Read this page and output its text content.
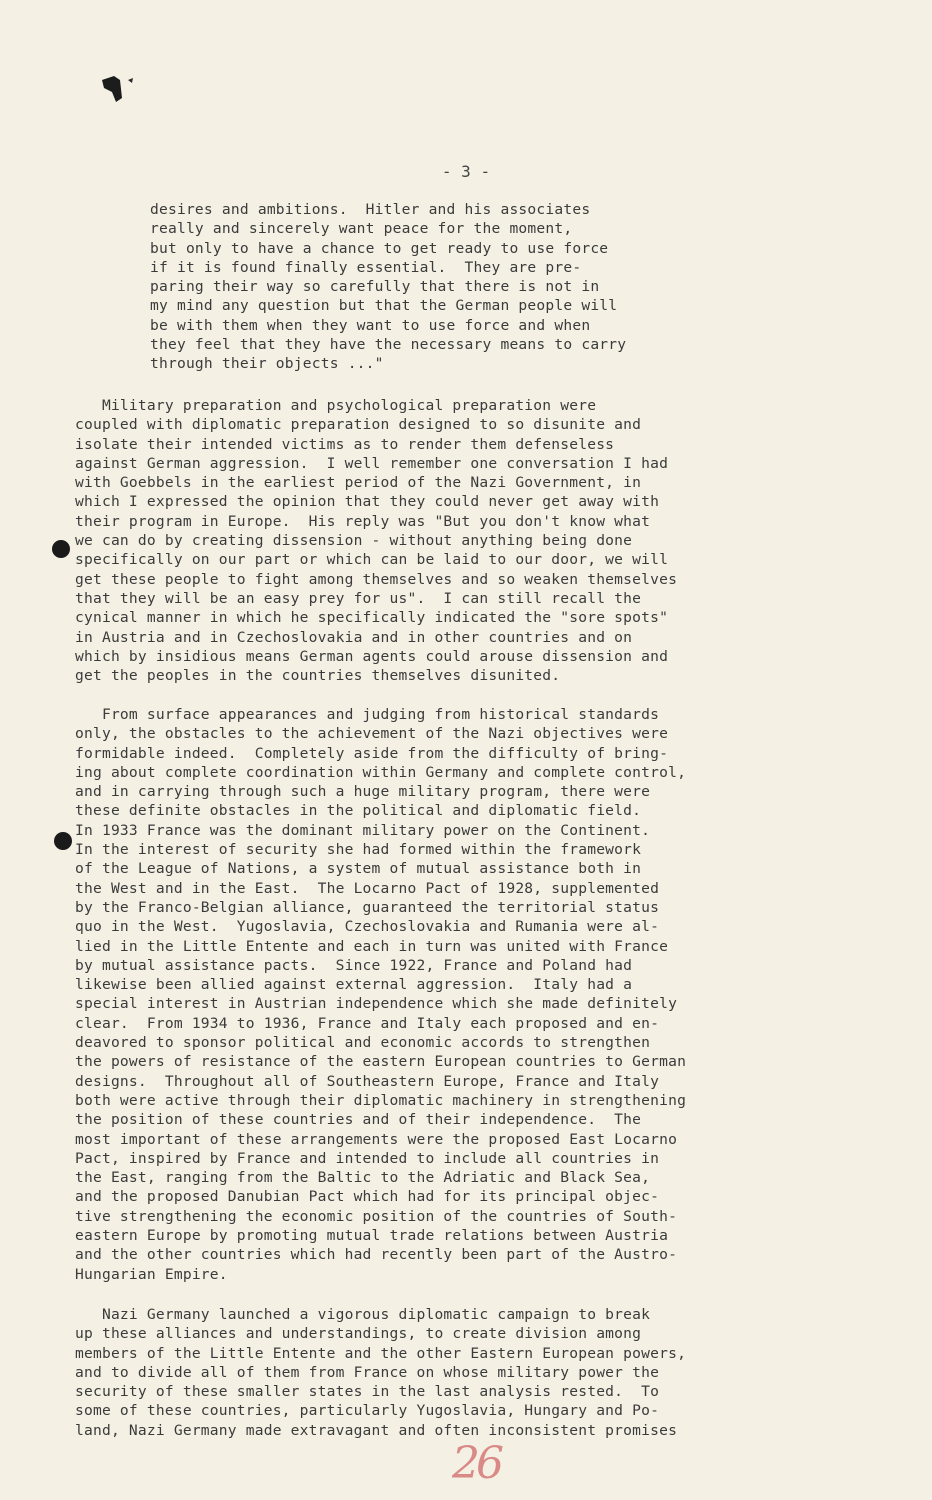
- 3 -
desires and ambitions.  Hitler and his associates
really and sincerely want peace for the moment,
but only to have a chance to get ready to use force
if it is found finally essential.  They are pre-
paring their way so carefully that there is not in
my mind any question but that the German people will
be with them when they want to use force and when
they feel that they have the necessary means to carry
through their objects ..."
Military preparation and psychological preparation were
coupled with diplomatic preparation designed to so disunite and
isolate their intended victims as to render them defenseless
against German aggression.  I well remember one conversation I had
with Goebbels in the earliest period of the Nazi Government, in
which I expressed the opinion that they could never get away with
their program in Europe.  His reply was "But you don't know what
we can do by creating dissension - without anything being done
specifically on our part or which can be laid to our door, we will
get these people to fight among themselves and so weaken themselves
that they will be an easy prey for us".  I can still recall the
cynical manner in which he specifically indicated the "sore spots"
in Austria and in Czechoslovakia and in other countries and on
which by insidious means German agents could arouse dissension and
get the peoples in the countries themselves disunited.
From surface appearances and judging from historical standards
only, the obstacles to the achievement of the Nazi objectives were
formidable indeed.  Completely aside from the difficulty of bring-
ing about complete coordination within Germany and complete control,
and in carrying through such a huge military program, there were
these definite obstacles in the political and diplomatic field.
In 1933 France was the dominant military power on the Continent.
In the interest of security she had formed within the framework
of the League of Nations, a system of mutual assistance both in
the West and in the East.  The Locarno Pact of 1928, supplemented
by the Franco-Belgian alliance, guaranteed the territorial status
quo in the West.  Yugoslavia, Czechoslovakia and Rumania were al-
lied in the Little Entente and each in turn was united with France
by mutual assistance pacts.  Since 1922, France and Poland had
likewise been allied against external aggression.  Italy had a
special interest in Austrian independence which she made definitely
clear.  From 1934 to 1936, France and Italy each proposed and en-
deavored to sponsor political and economic accords to strengthen
the powers of resistance of the eastern European countries to German
designs.  Throughout all of Southeastern Europe, France and Italy
both were active through their diplomatic machinery in strengthening
the position of these countries and of their independence.  The
most important of these arrangements were the proposed East Locarno
Pact, inspired by France and intended to include all countries in
the East, ranging from the Baltic to the Adriatic and Black Sea,
and the proposed Danubian Pact which had for its principal objec-
tive strengthening the economic position of the countries of South-
eastern Europe by promoting mutual trade relations between Austria
and the other countries which had recently been part of the Austro-
Hungarian Empire.
Nazi Germany launched a vigorous diplomatic campaign to break
up these alliances and understandings, to create division among
members of the Little Entente and the other Eastern European powers,
and to divide all of them from France on whose military power the
security of these smaller states in the last analysis rested.  To
some of these countries, particularly Yugoslavia, Hungary and Po-
land, Nazi Germany made extravagant and often inconsistent promises
26
